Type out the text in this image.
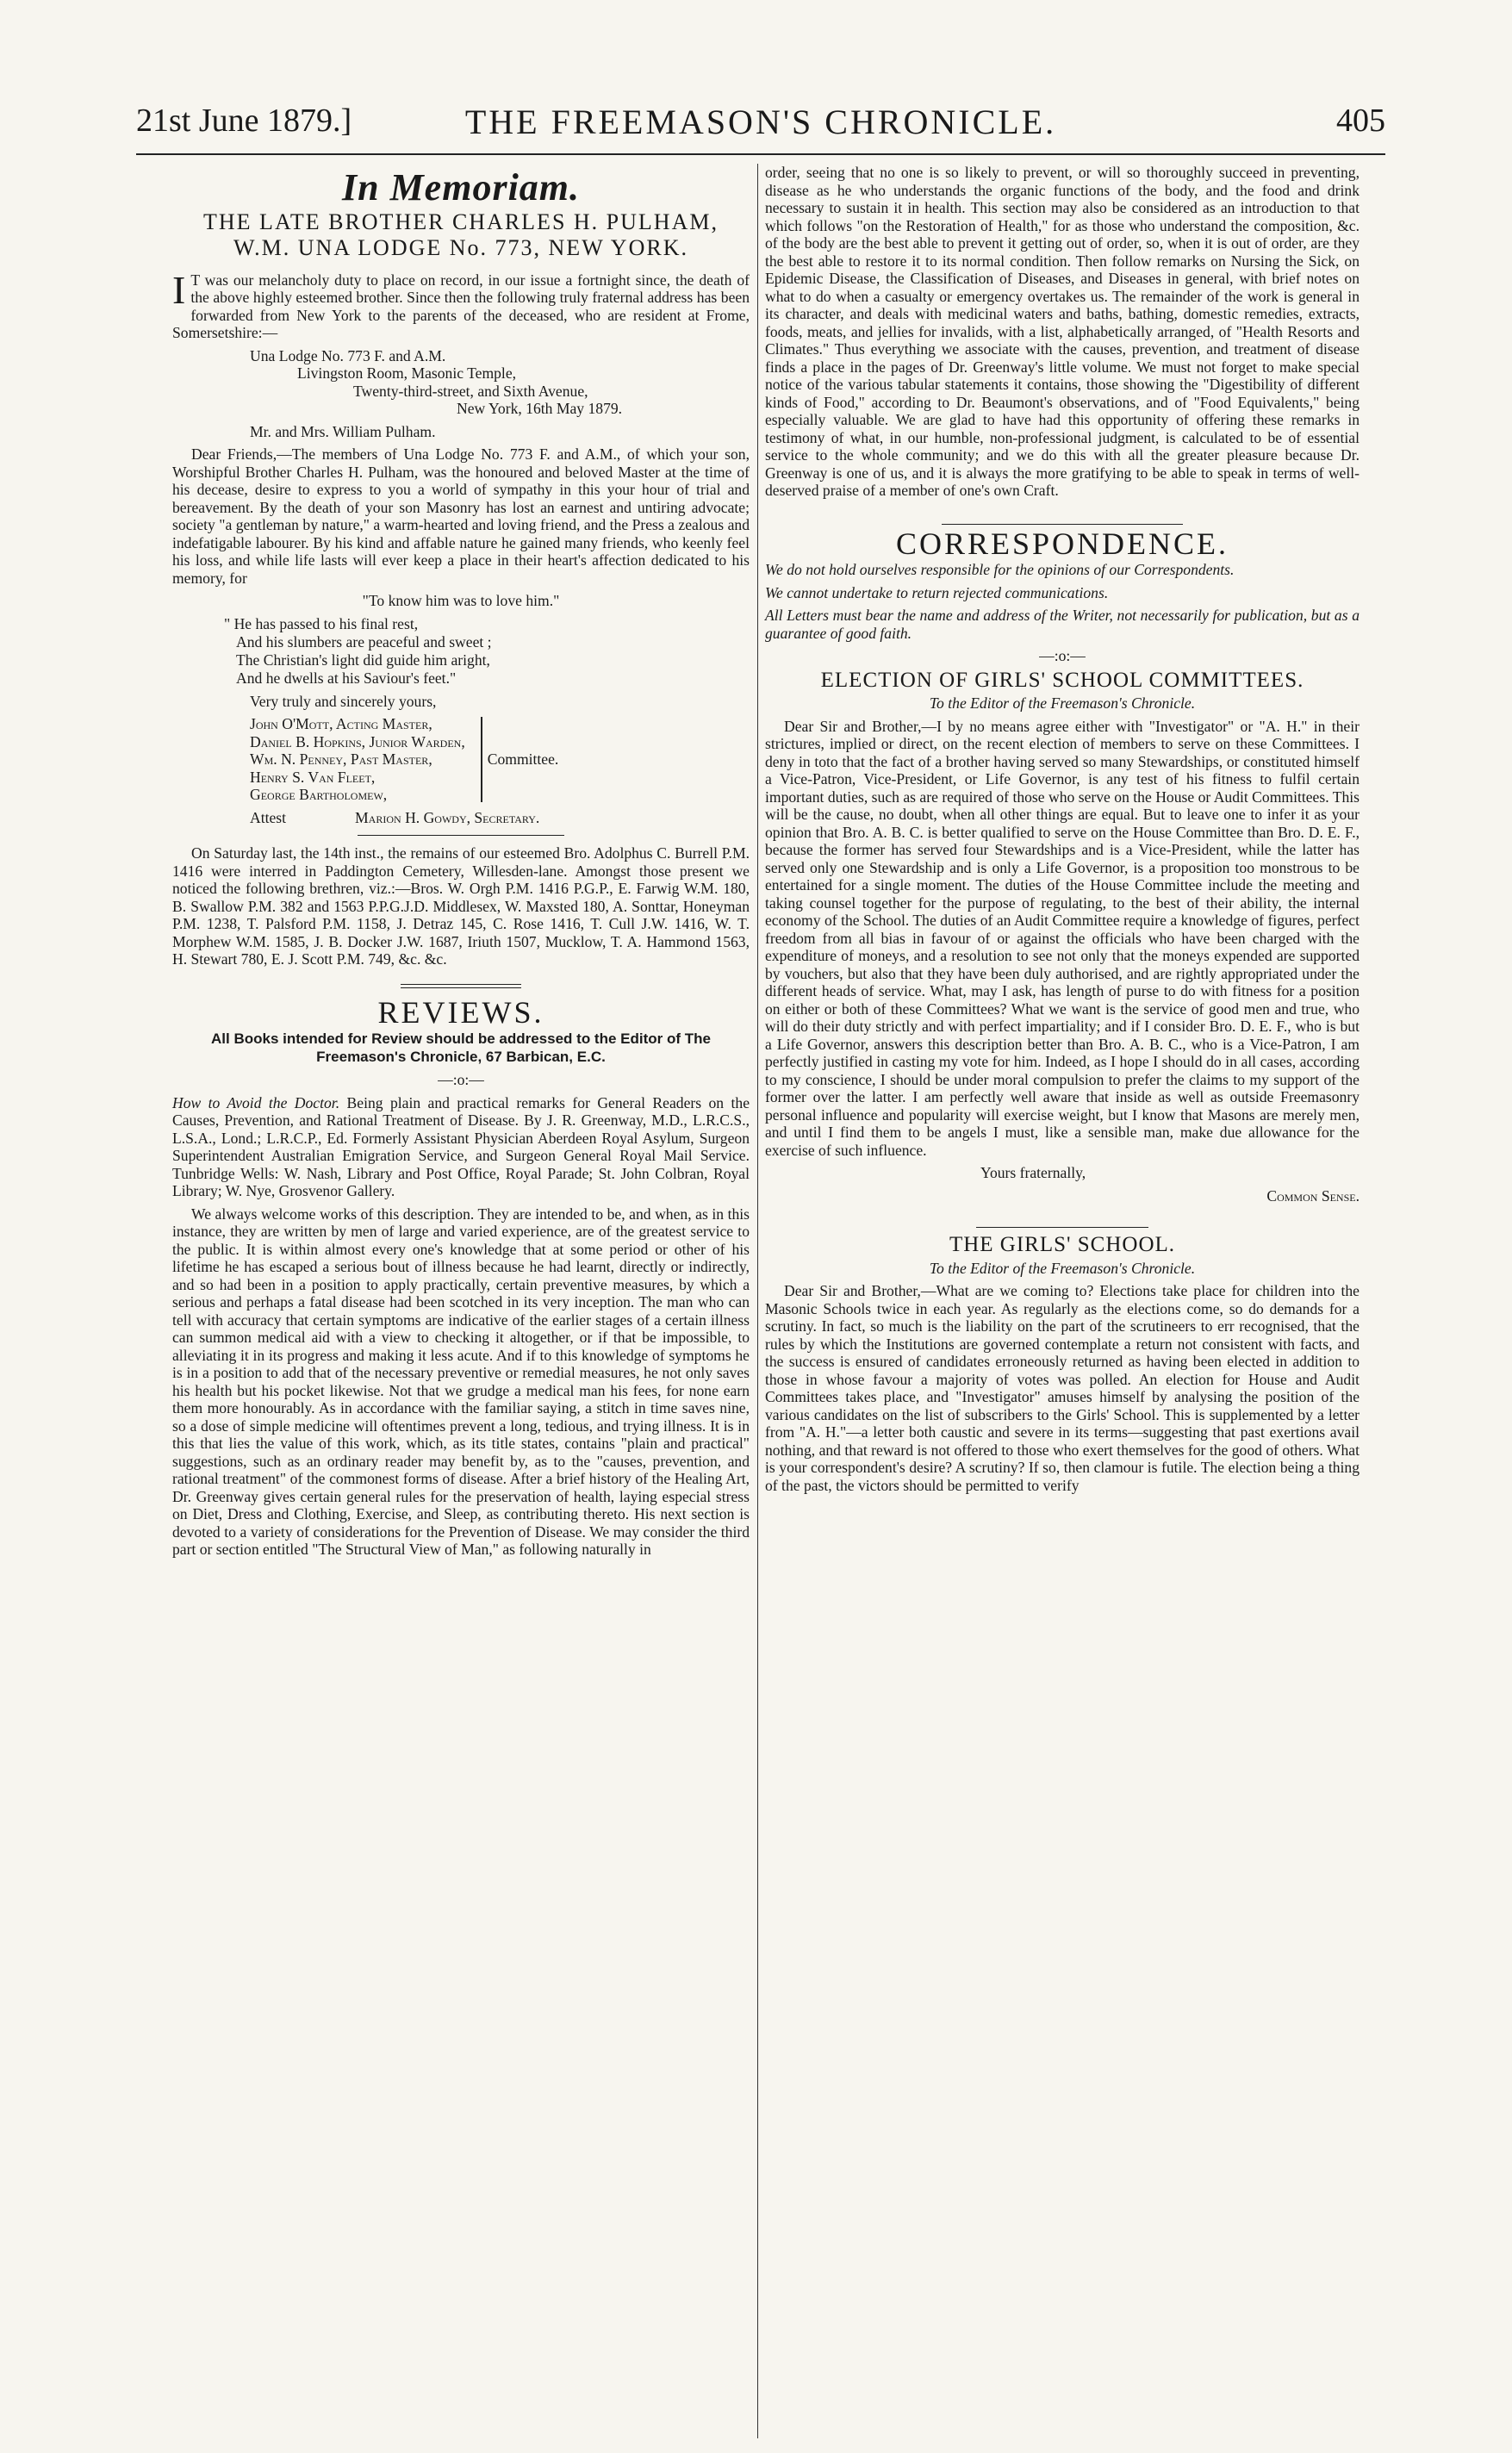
21st June 1879.]	THE FREEMASON'S CHRONICLE.	405
In Memoriam.
THE LATE BROTHER CHARLES H. PULHAM,
W.M. UNA LODGE No. 773, NEW YORK.

I T was our melancholy duty to place on record, in our issue a fortnight since, the death of the above highly esteemed brother. Since then the following truly fraternal address has been forwarded from New York to the parents of the deceased, who are resident at Frome, Somersetshire:—

Una Lodge No. 773 F. and A.M.
Livingston Room, Masonic Temple,
Twenty-third-street, and Sixth Avenue,
New York, 16th May 1879.

Mr. and Mrs. William Pulham.

Dear Friends,—The members of Una Lodge No. 773 F. and A.M., of which your son, Worshipful Brother Charles H. Pulham, was the honoured and beloved Master at the time of his decease, desire to express to you a world of sympathy in this your hour of trial and bereavement. By the death of your son Masonry has lost an earnest and untiring advocate; society "a gentleman by nature," a warm-hearted and loving friend, and the Press a zealous and indefatigable labourer. By his kind and affable nature he gained many friends, who keenly feel his loss, and while life lasts will ever keep a place in their heart's affection dedicated to his memory, for

"To know him was to love him."

" He has passed to his final rest,
And his slumbers are peaceful and sweet ;
The Christian's light did guide him aright,
And he dwells at his Saviour's feet."

Very truly and sincerely yours,

John O'Mott, Acting Master,
Daniel B. Hopkins, Junior Warden,
Wm. N. Penney, Past Master,
Henry S. Van Fleet,
George Bartholomew,
Committee.

Attest	Marion H. Gowdy, Secretary.

On Saturday last, the 14th inst., the remains of our esteemed Bro. Adolphus C. Burrell P.M. 1416 were interred in Paddington Cemetery, Willesden-lane. Amongst those present we noticed the following brethren, viz.:—Bros. W. Orgh P.M. 1416 P.G.P., E. Farwig W.M. 180, B. Swallow P.M. 382 and 1563 P.P.G.J.D. Middlesex, W. Maxsted 180, A. Sonttar, Honeyman P.M. 1238, T. Palsford P.M. 1158, J. Detraz 145, C. Rose 1416, T. Cull J.W. 1416, W. T. Morphew W.M. 1585, J. B. Docker J.W. 1687, Iriuth 1507, Mucklow, T. A. Hammond 1563, H. Stewart 780, E. J. Scott P.M. 749, &c. &c.

REVIEWS.
All Books intended for Review should be addressed to the Editor of The Freemason's Chronicle, 67 Barbican, E.C.
—:o:—

How to Avoid the Doctor. Being plain and practical remarks for General Readers on the Causes, Prevention, and Rational Treatment of Disease. By J. R. Greenway, M.D., L.R.C.S., L.S.A., Lond.; L.R.C.P., Ed. Formerly Assistant Physician Aberdeen Royal Asylum, Surgeon Superintendent Australian Emigration Service, and Surgeon General Royal Mail Service. Tunbridge Wells: W. Nash, Library and Post Office, Royal Parade; St. John Colbran, Royal Library; W. Nye, Grosvenor Gallery.

We always welcome works of this description. They are intended to be, and when, as in this instance, they are written by men of large and varied experience, are of the greatest service to the public. It is within almost every one's knowledge that at some period or other of his lifetime he has escaped a serious bout of illness because he had learnt, directly or indirectly, and so had been in a position to apply practically, certain preventive measures, by which a serious and perhaps a fatal disease had been scotched in its very inception. The man who can tell with accuracy that certain symptoms are indicative of the earlier stages of a certain illness can summon medical aid with a view to checking it altogether, or if that be impossible, to alleviating it in its progress and making it less acute. And if to this knowledge of symptoms he is in a position to add that of the necessary preventive or remedial measures, he not only saves his health but his pocket likewise. Not that we grudge a medical man his fees, for none earn them more honourably. As in accordance with the familiar saying, a stitch in time saves nine, so a dose of simple medicine will oftentimes prevent a long, tedious, and trying illness. It is in this that lies the value of this work, which, as its title states, contains "plain and practical" suggestions, such as an ordinary reader may benefit by, as to the "causes, prevention, and rational treatment" of the commonest forms of disease. After a brief history of the Healing Art, Dr. Greenway gives certain general rules for the preservation of health, laying especial stress on Diet, Dress and Clothing, Exercise, and Sleep, as contributing thereto. His next section is devoted to a variety of considerations for the Prevention of Disease. We may consider the third part or section entitled "The Structural View of Man," as following naturally in

order, seeing that no one is so likely to prevent, or will so thoroughly succeed in preventing, disease as he who understands the organic functions of the body, and the food and drink necessary to sustain it in health. This section may also be considered as an introduction to that which follows "on the Restoration of Health," for as those who understand the composition, &c. of the body are the best able to prevent it getting out of order, so, when it is out of order, are they the best able to restore it to its normal condition. Then follow remarks on Nursing the Sick, on Epidemic Disease, the Classification of Diseases, and Diseases in general, with brief notes on what to do when a casualty or emergency overtakes us. The remainder of the work is general in its character, and deals with medicinal waters and baths, bathing, domestic remedies, extracts, foods, meats, and jellies for invalids, with a list, alphabetically arranged, of "Health Resorts and Climates." Thus everything we associate with the causes, prevention, and treatment of disease finds a place in the pages of Dr. Greenway's little volume. We must not forget to make special notice of the various tabular statements it contains, those showing the "Digestibility of different kinds of Food," according to Dr. Beaumont's observations, and of "Food Equivalents," being especially valuable. We are glad to have had this opportunity of offering these remarks in testimony of what, in our humble, non-professional judgment, is calculated to be of essential service to the whole community; and we do this with all the greater pleasure because Dr. Greenway is one of us, and it is always the more gratifying to be able to speak in terms of well-deserved praise of a member of one's own Craft.

CORRESPONDENCE.

We do not hold ourselves responsible for the opinions of our Correspondents.

We cannot undertake to return rejected communications.

All Letters must bear the name and address of the Writer, not necessarily for publication, but as a guarantee of good faith.

—:o:—
ELECTION OF GIRLS' SCHOOL COMMITTEES.

To the Editor of the Freemason's Chronicle.

Dear Sir and Brother,—I by no means agree either with "Investigator" or "A. H." in their strictures, implied or direct, on the recent election of members to serve on these Committees. I deny in toto that the fact of a brother having served so many Stewardships, or constituted himself a Vice-Patron, Vice-President, or Life Governor, is any test of his fitness to fulfil certain important duties, such as are required of those who serve on the House or Audit Committees. This will be the cause, no doubt, when all other things are equal. But to leave one to infer it as your opinion that Bro. A. B. C. is better qualified to serve on the House Committee than Bro. D. E. F., because the former has served four Stewardships and is a Vice-President, while the latter has served only one Stewardship and is only a Life Governor, is a proposition too monstrous to be entertained for a single moment. The duties of the House Committee include the meeting and taking counsel together for the purpose of regulating, to the best of their ability, the internal economy of the School. The duties of an Audit Committee require a knowledge of figures, perfect freedom from all bias in favour of or against the officials who have been charged with the expenditure of moneys, and a resolution to see not only that the moneys expended are supported by vouchers, but also that they have been duly authorised, and are rightly appropriated under the different heads of service. What, may I ask, has length of purse to do with fitness for a position on either or both of these Committees? What we want is the service of good men and true, who will do their duty strictly and with perfect impartiality; and if I consider Bro. D. E. F., who is but a Life Governor, answers this description better than Bro. A. B. C., who is a Vice-Patron, I am perfectly justified in casting my vote for him. Indeed, as I hope I should do in all cases, according to my conscience, I should be under moral compulsion to prefer the claims to my support of the former over the latter. I am perfectly well aware that inside as well as outside Freemasonry personal influence and popularity will exercise weight, but I know that Masons are merely men, and until I find them to be angels I must, like a sensible man, make due allowance for the exercise of such influence.

Yours fraternally,

Common Sense.

THE GIRLS' SCHOOL.

To the Editor of the Freemason's Chronicle.

Dear Sir and Brother,—What are we coming to? Elections take place for children into the Masonic Schools twice in each year. As regularly as the elections come, so do demands for a scrutiny. In fact, so much is the liability on the part of the scrutineers to err recognised, that the rules by which the Institutions are governed contemplate a return not consistent with facts, and the success is ensured of candidates erroneously returned as having been elected in addition to those in whose favour a majority of votes was polled. An election for House and Audit Committees takes place, and "Investigator" amuses himself by analysing the position of the various candidates on the list of subscribers to the Girls' School. This is supplemented by a letter from "A. H."—a letter both caustic and severe in its terms—suggesting that past exertions avail nothing, and that reward is not offered to those who exert themselves for the good of others. What is your correspondent's desire? A scrutiny? If so, then clamour is futile. The election being a thing of the past, the victors should be permitted to verify
